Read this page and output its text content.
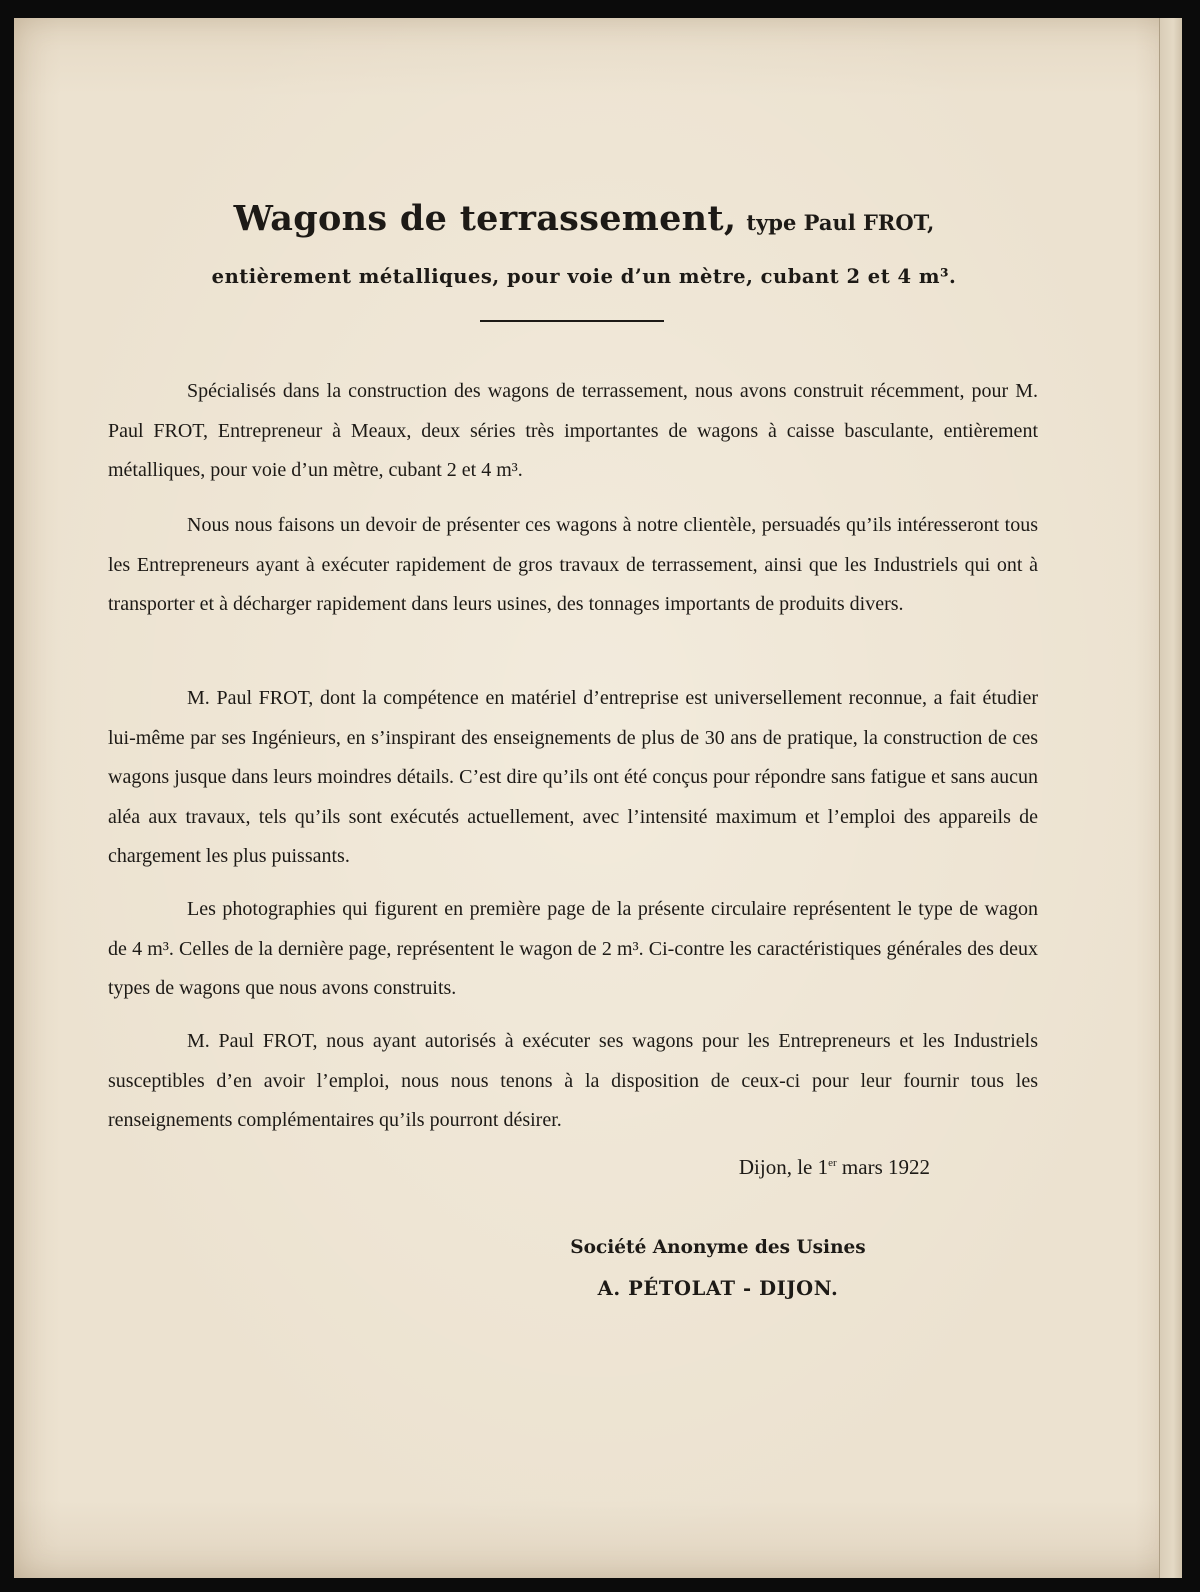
Wagons de terrassement, type Paul FROT,
entièrement métalliques, pour voie d’un mètre, cubant 2 et 4 m³.

Spécialisés dans la construction des wagons de terrassement, nous avons construit récemment, pour M. Paul FROT, Entrepreneur à Meaux, deux séries très importantes de wagons à caisse basculante, entièrement métalliques, pour voie d’un mètre, cubant 2 et 4 m³.

Nous nous faisons un devoir de présenter ces wagons à notre clientèle, persuadés qu’ils intéresseront tous les Entrepreneurs ayant à exécuter rapidement de gros travaux de terrassement, ainsi que les Industriels qui ont à transporter et à décharger rapidement dans leurs usines, des tonnages importants de produits divers.

M. Paul FROT, dont la compétence en matériel d’entreprise est universellement reconnue, a fait étudier lui-même par ses Ingénieurs, en s’inspirant des enseignements de plus de 30 ans de pratique, la construction de ces wagons jusque dans leurs moindres détails. C’est dire qu’ils ont été conçus pour répondre sans fatigue et sans aucun aléa aux travaux, tels qu’ils sont exécutés actuellement, avec l’intensité maximum et l’emploi des appareils de chargement les plus puissants.

Les photographies qui figurent en première page de la présente circulaire représentent le type de wagon de 4 m³. Celles de la dernière page, représentent le wagon de 2 m³. Ci-contre les caractéristiques générales des deux types de wagons que nous avons construits.

M. Paul FROT, nous ayant autorisés à exécuter ses wagons pour les Entrepreneurs et les Industriels susceptibles d’en avoir l’emploi, nous nous tenons à la disposition de ceux-ci pour leur fournir tous les renseignements complémentaires qu’ils pourront désirer.

Dijon, le 1er mars 1922
Société Anonyme des Usines
A. PÉTOLAT - DIJON.
